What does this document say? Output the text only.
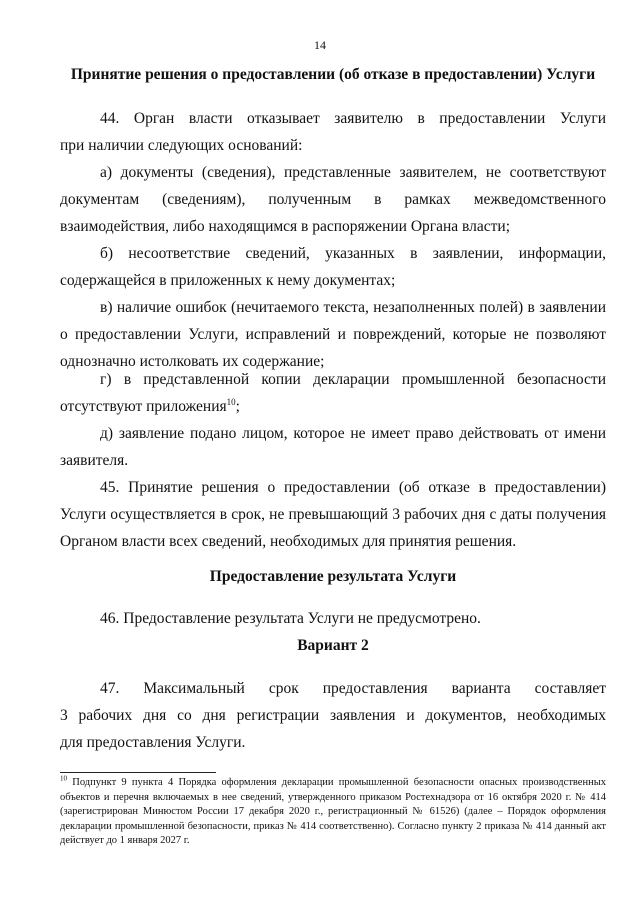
14
Принятие решения о предоставлении (об отказе в предоставлении) Услуги
44. Орган власти отказывает заявителю в предоставлении Услуги
при наличии следующих оснований:
а) документы (сведения), представленные заявителем, не соответствуют документам (сведениям), полученным в рамках межведомственного взаимодействия, либо находящимся в распоряжении Органа власти;
б) несоответствие сведений, указанных в заявлении, информации, содержащейся в приложенных к нему документах;
в) наличие ошибок (нечитаемого текста, незаполненных полей) в заявлении о предоставлении Услуги, исправлений и повреждений, которые не позволяют однозначно истолковать их содержание;
г) в представленной копии декларации промышленной безопасности
отсутствуют приложения$^{10}$;
д) заявление подано лицом, которое не имеет право действовать от имени заявителя.
45. Принятие решения о предоставлении (об отказе в предоставлении) Услуги осуществляется в срок, не превышающий 3 рабочих дня с даты получения Органом власти всех сведений, необходимых для принятия решения.
Предоставление результата Услуги
46. Предоставление результата Услуги не предусмотрено.
Вариант 2
47. Максимальный срок предоставления варианта составляет
3 рабочих дня со дня регистрации заявления и документов, необходимых
для предоставления Услуги.
$^{10}$ Подпункт 9 пункта 4 Порядка оформления декларации промышленной безопасности опасных производственных объектов и перечня включаемых в нее сведений, утвержденного приказом Ростехнадзора от 16 октября 2020 г. № 414 (зарегистрирован Минюстом России 17 декабря 2020 г., регистрационный № 61526) (далее – Порядок оформления декларации промышленной безопасности, приказ № 414 соответственно). Согласно пункту 2 приказа № 414 данный акт действует до 1 января 2027 г.
